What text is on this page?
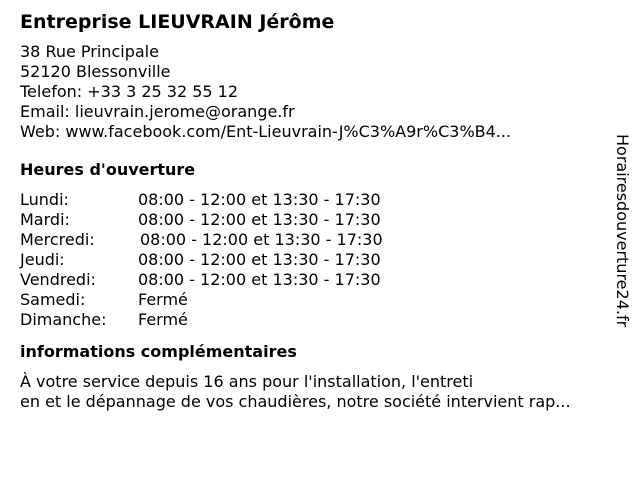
Entreprise LIEUVRAIN Jérôme
38 Rue Principale
52120 Blessonville
Telefon: +33 3 25 32 55 12
Email: lieuvrain.jerome@orange.fr
Web: www.facebook.com/Ent-Lieuvrain-J%C3%A9r%C3%B4...
Heures d'ouverture
Lundi:	08:00 - 12:00 et 13:30 - 17:30
Mardi:	08:00 - 12:00 et 13:30 - 17:30
Mercredi:	08:00 - 12:00 et 13:30 - 17:30
Jeudi:	08:00 - 12:00 et 13:30 - 17:30
Vendredi:	08:00 - 12:00 et 13:30 - 17:30
Samedi:	Fermé
Dimanche:	Fermé
informations complémentaires
À votre service depuis 16 ans pour l'installation, l'entreti
en et le dépannage de vos chaudières, notre société intervient rap...
Horairesdouverture24.fr
